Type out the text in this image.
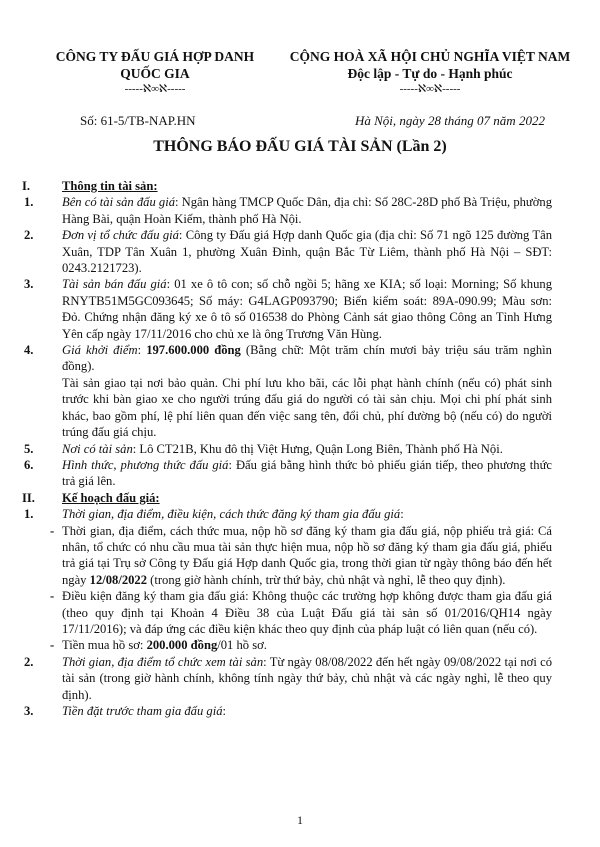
CÔNG TY ĐẤU GIÁ HỢP DANH
QUỐC GIA
-----ℵ∞ℵ-----
CỘNG HOÀ XÃ HỘI CHỦ NGHĨA VIỆT NAM
Độc lập - Tự do - Hạnh phúc
-----ℵ∞ℵ-----
Số: 61-5/TB-NAP.HN	Hà Nội, ngày 28 tháng 07 năm 2022
THÔNG BÁO ĐẤU GIÁ TÀI SẢN (Lần 2)
I.	Thông tin tài sản:
1.	Bên có tài sản đấu giá: Ngân hàng TMCP Quốc Dân, địa chỉ: Số 28C-28D phố Bà Triệu, phường Hàng Bài, quận Hoàn Kiếm, thành phố Hà Nội.

2.	Đơn vị tổ chức đấu giá: Công ty Đấu giá Hợp danh Quốc gia (địa chỉ: Số 71 ngõ 125 đường Tân Xuân, TDP Tân Xuân 1, phường Xuân Đỉnh, quận Bắc Từ Liêm, thành phố Hà Nội – SĐT: 0243.2121723).

3.	Tài sản bán đấu giá: 01 xe ô tô con; số chỗ ngồi 5; hãng xe KIA; số loại: Morning; Số khung RNYTB51M5GC093645; Số máy: G4LAGP093790; Biển kiểm soát: 89A-090.99; Màu sơn: Đỏ. Chứng nhận đăng ký xe ô tô số 016538 do Phòng Cảnh sát giao thông Công an Tỉnh Hưng Yên cấp ngày 17/11/2016 cho chủ xe là ông Trương Văn Hùng.

4.	Giá khởi điểm: 197.600.000 đồng (Bằng chữ: Một trăm chín mươi bảy triệu sáu trăm nghìn đồng).

Tài sản giao tại nơi bảo quản. Chi phí lưu kho bãi, các lỗi phạt hành chính (nếu có) phát sinh trước khi bàn giao xe cho người trúng đấu giá do người có tài sản chịu. Mọi chi phí phát sinh khác, bao gồm phí, lệ phí liên quan đến việc sang tên, đổi chủ, phí đường bộ (nếu có) do người trúng đấu giá chịu.

5.	Nơi có tài sản: Lô CT21B, Khu đô thị Việt Hưng, Quận Long Biên, Thành phố Hà Nội.

6.	Hình thức, phương thức đấu giá: Đấu giá bằng hình thức bỏ phiếu gián tiếp, theo phương thức trả giá lên.

II.	Kế hoạch đấu giá:
1.	Thời gian, địa điểm, điều kiện, cách thức đăng ký tham gia đấu giá:

- Thời gian, địa điểm, cách thức mua, nộp hồ sơ đăng ký tham gia đấu giá, nộp phiếu trả giá: Cá nhân, tổ chức có nhu cầu mua tài sản thực hiện mua, nộp hồ sơ đăng ký tham gia đấu giá, phiếu trả giá tại Trụ sở Công ty Đấu giá Hợp danh Quốc gia, trong thời gian từ ngày thông báo đến hết ngày 12/08/2022 (trong giờ hành chính, trừ thứ bảy, chủ nhật và nghỉ, lễ theo quy định).

- Điều kiện đăng ký tham gia đấu giá: Không thuộc các trường hợp không được tham gia đấu giá (theo quy định tại Khoản 4 Điều 38 của Luật Đấu giá tài sản số 01/2016/QH14 ngày 17/11/2016); và đáp ứng các điều kiện khác theo quy định của pháp luật có liên quan (nếu có).

- Tiền mua hồ sơ: 200.000 đồng/01 hồ sơ.

2.	Thời gian, địa điểm tổ chức xem tài sản: Từ ngày 08/08/2022 đến hết ngày 09/08/2022 tại nơi có tài sản (trong giờ hành chính, không tính ngày thứ bảy, chủ nhật và các ngày nghỉ, lễ theo quy định).

3.	Tiền đặt trước tham gia đấu giá:

1
